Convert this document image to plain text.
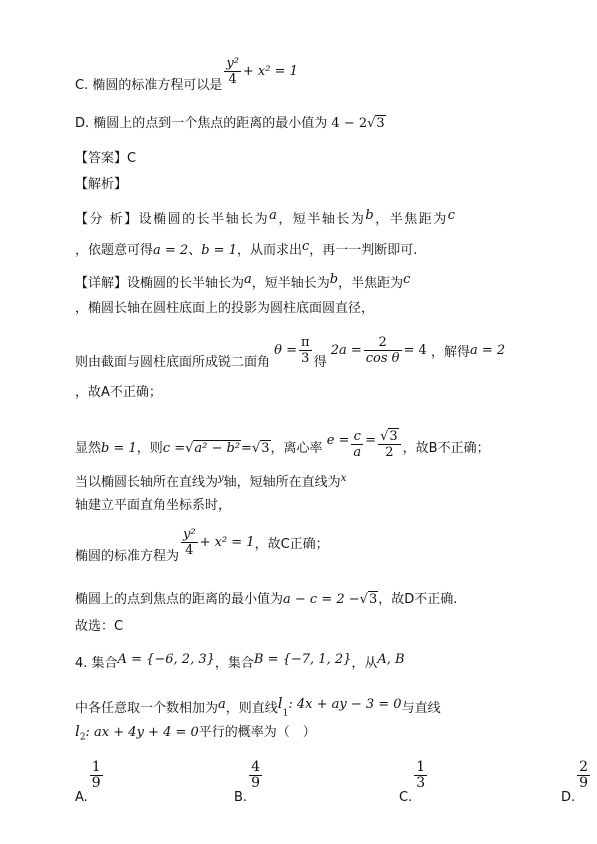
C. 椭圆的标准方程可以是 $\frac{\text{y²}}{4} + x^2 = 1$
D. 椭圆上的点到一个焦点的距离的最小值为 4 − 2√3
【答案】C
【解析】
【分 析】设椭圆的长半轴长为a，短半轴长为b，半焦距为c
，依题意可得a = 2、b = 1，从而求出c，再一一判断即可.
【详解】设椭圆的长半轴长为a，短半轴长为b，半焦距为c
，椭圆长轴在圆柱底面上的投影为圆柱底面圆直径，
则由截面与圆柱底面所成锐二面角 $\theta = \frac{\pi}{3}$ 得 $2a = \frac{2}{\text{cos θ}} = 4$ ，解得a = 2
，故A不正确；
显然b = 1，则c =√a² − b²=√3，离心率 $e = \frac{c}{a} = \frac{√3}{2}$ ，故B不正确；
当以椭圆长轴所在直线为$^y$轴，短轴所在直线为$^x$
轴建立平面直角坐标系时，
椭圆的标准方程为 $\frac{\text{y²}}{4} + x^2 = 1$，故C正确；
椭圆上的点到焦点的距离的最小值为a − c = 2 −√3，故D不正确.
故选：C
4. 集合A = {−6, 2, 3}，集合B = {−7, 1, 2}，从A, B
中各任意取一个数相加为a，则直线$l_1$: 4x + ay − 3 = 0与直线
$l_2$: ax + 4y + 4 = 0平行的概率为（　）
A.
$\frac{1}{9}$
B.
$\frac{4}{9}$
C.
$\frac{1}{3}$
D.
$\frac{2}{9}$
